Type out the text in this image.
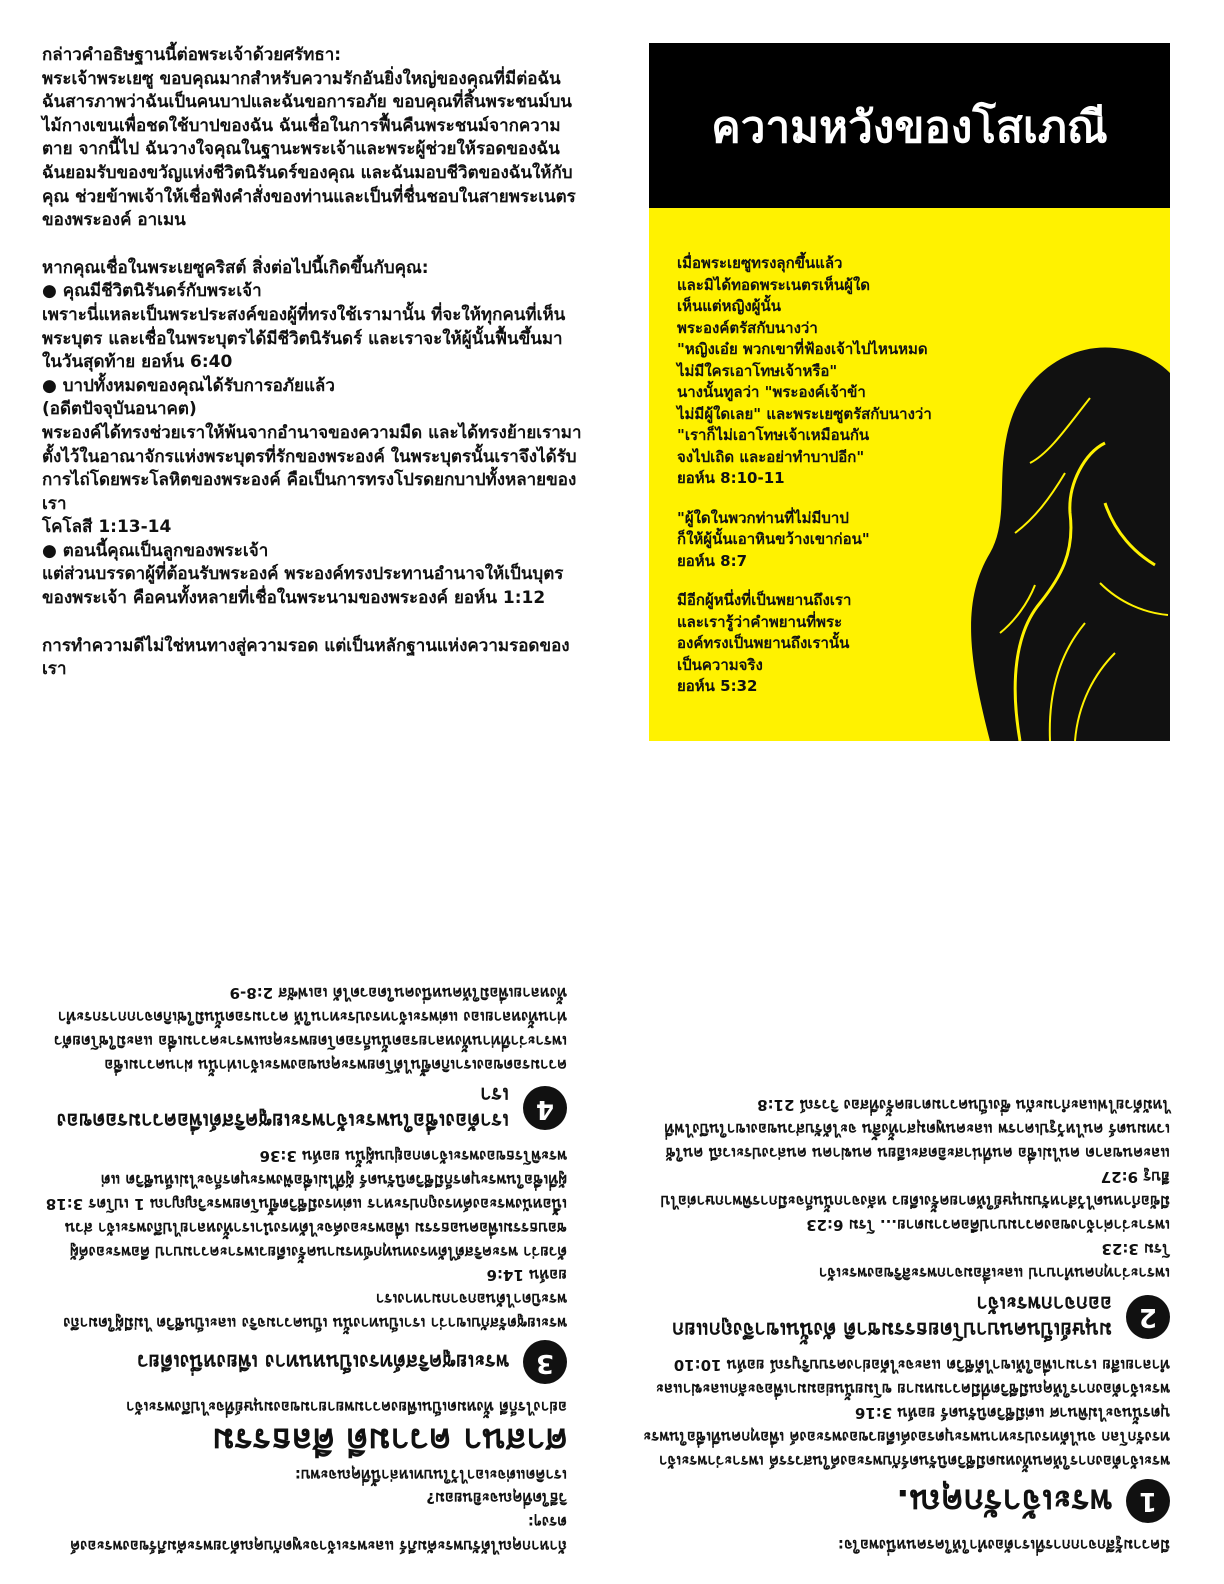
กล่าวคำอธิษฐานนี้ต่อพระเจ้าด้วยศรัทธา:

พระเจ้าพระเยซู ขอบคุณมากสำหรับความรักอันยิ่งใหญ่ของคุณที่มีต่อฉัน ฉันสารภาพว่าฉันเป็นคนบาปและฉันขอการอภัย ขอบคุณที่สิ้นพระชนม์บนไม้กางเขนเพื่อชดใช้บาปของฉัน ฉันเชื่อในการฟื้นคืนพระชนม์จากความตาย จากนี้ไป ฉันวางใจคุณในฐานะพระเจ้าและพระผู้ช่วยให้รอดของฉัน ฉันยอมรับของขวัญแห่งชีวิตนิรันดร์ของคุณ และฉันมอบชีวิตของฉันให้กับคุณ ช่วยข้าพเจ้าให้เชื่อฟังคำสั่งของท่านและเป็นที่ชื่นชอบในสายพระเนตรของพระองค์ อาเมน

หากคุณเชื่อในพระเยซูคริสต์ สิ่งต่อไปนี้เกิดขึ้นกับคุณ:

● คุณมีชีวิตนิรันดร์กับพระเจ้า

เพราะนี่แหละเป็นพระประสงค์ของผู้ที่ทรงใช้เรามานั้น ที่จะให้ทุกคนที่เห็นพระบุตร และเชื่อในพระบุตรได้มีชีวิตนิรันดร์ และเราจะให้ผู้นั้นฟื้นขึ้นมาในวันสุดท้าย ยอห์น 6:40

● บาปทั้งหมดของคุณได้รับการอภัยแล้ว
(อดีตปัจจุบันอนาคต)

พระองค์ได้ทรงช่วยเราให้พ้นจากอำนาจของความมืด และได้ทรงย้ายเรามาตั้งไว้ในอาณาจักรแห่งพระบุตรที่รักของพระองค์ ในพระบุตรนั้นเราจึงได้รับการไถ่โดยพระโลหิตของพระองค์ คือเป็นการทรงโปรดยกบาปทั้งหลายของเรา
โคโลสี 1:13-14

● ตอนนี้คุณเป็นลูกของพระเจ้า

แต่ส่วนบรรดาผู้ที่ต้อนรับพระองค์ พระองค์ทรงประทานอำนาจให้เป็นบุตรของพระเจ้า คือคนทั้งหลายที่เชื่อในพระนามของพระองค์ ยอห์น 1:12

การทำความดีไม่ใช่หนทางสู่ความรอด แต่เป็นหลักฐานแห่งความรอดของเรา

ความหวังของโสเภณี

เมื่อพระเยซูทรงลุกขึ้นแล้ว
และมิได้ทอดพระเนตรเห็นผู้ใด
เห็นแต่หญิงผู้นั้น
พระองค์ตรัสกับนางว่า
"หญิงเอ๋ย พวกเขาที่ฟ้องเจ้าไปไหนหมด
ไม่มีใครเอาโทษเจ้าหรือ"
นางนั้นทูลว่า "พระองค์เจ้าข้า
ไม่มีผู้ใดเลย" และพระเยซูตรัสกับนางว่า
"เราก็ไม่เอาโทษเจ้าเหมือนกัน
จงไปเถิด และอย่าทำบาปอีก"
ยอห์น 8:10-11

"ผู้ใดในพวกท่านที่ไม่มีบาป
ก็ให้ผู้นั้นเอาหินขว้างเขาก่อน"
ยอห์น 8:7

มีอีกผู้หนึ่งที่เป็นพยานถึงเรา
และเรารู้ว่าคำพยานที่พระ
องค์ทรงเป็นพยานถึงเรานั้น
เป็นความจริง
ยอห์น 5:32

ถ้าหากคุณได้รับพระคัมภีร์ และพระเจ้าจะพูดกับคุณด้วยพระคัมภีร์ของพระองค์ตรงๆ:
วิธีใดที่คุณจะยินยอม?
เราคิดแต่จะเอาไว้ในบทเหล่านี้ที่คุณจะพบ:

ศาสนา ความดี ศีลธรรม

อย่างไรก็ดี ทั้งหมดเป็นเพียงความพยายามของมนุษย์ที่จะไปถึงพระเจ้า

3
พระเยซูคริสต์ทรงเป็นหนทาง เพียงหนึ่งเดียว

พระเยซูตรัสกับเขาว่า เราเป็นทางนั้น เป็นความจริง และเป็นชีวิต ไม่มีผู้ใดมาถึงพระบิดาได้นอกจากมาทางเรา
ยอห์น 14:6
ด้วยว่า พระคริสต์ได้ทรงทนทุกข์ทรมานครั้งเดียวเพราะความบาป คือพระองค์ผู้ชอบธรรมเพื่อคนอธรรม เพื่อพระองค์จะได้ทรงนำเราทั้งหลายไปถึงพระเจ้า ส่วนเนื้อหนังพระองค์ทรงถูกประหาร แต่ทรงมีชีวิตขึ้นโดยพระวิญญาณ 1 เปโตร 3:18
ผู้ที่เชื่อในพระบุตรก็มีชีวิตนิรันดร์ ผู้ที่ไม่เชื่อฟังพระบุตรก็จะไม่เห็นชีวิต แต่พระพิโรธของพระเจ้าตกอยู่บนผู้นั้น ยอห์น 3:36

4
เราต้องเชื่อในพระเจ้าพระเยซูคริสต์เพื่อความรอดของเรา

ความรอดของเราเกิดขึ้นได้โดยพระคุณของพระเจ้าเท่านั้น ผ่านความเชื่อ
เพราะว่าที่ท่านทั้งหลายรอดนั้นก็รอดโดยพระคุณเพราะความเชื่อ และมิใช่โดยตัวท่านทั้งหลายเอง แต่พระเจ้าทรงประทานให้ ความรอดนั้นมิใช่เกิดจากการกระทำทั้งหลายเพื่อมิให้คนหนึ่งคนใดอวดได้ เอเฟซัส 2:8-9

มีความรู้สึกจากการที่เราต้องทำให้ใครคนหนึ่งพอใจ:

1
พระเจ้ารักคุณ.

พระเจ้าต้องการให้คนทั้งหมดมีชีวิตนิรันดร์กับพระองค์ในสวรรค์ เพราะว่าพระเจ้าทรงรักโลก จนได้ทรงประทานพระบุตรองค์เดียวของพระองค์ เพื่อทุกคนที่เชื่อในพระบุตรนั้นจะไม่พินาศ แต่มีชีวิตนิรันดร์ ยอห์น 3:16
พระเจ้าต้องการให้คุณมีชีวิตที่มีความหมาย ขโมยนั้นย่อมมาเพื่อจะลักและฆ่าและทำลายเสีย เรามาเพื่อให้เขาได้ชีวิต และจะได้อย่างครบบริบูรณ์ ยอห์น 10:10

2
มนุษย์เป็นคนบาปโดยธรรมชาติ ดังนั้นเขาจึงถูกแยกออกจากพระเจ้า

เพราะว่าทุกคนทำบาป และเสื่อมจากพระสิริของพระเจ้า
โรม 3:23
เพราะว่าค่าจ้างของความบาปคือความตาย... โรม 6:23
มีข้อกำหนดไว้สำหรับมนุษย์ให้ตายครั้งเดียว หลังจากนั้นก็จะมีการพิพากษาต่อไป ฮีบรู 9:27
และคนขลาด คนไม่เชื่อ คนที่น่าสะอิดสะเอียน คนฆ่าคน คนล่วงประเวณี คนใช้เวทมนตร์ คนไหว้รูปเคารพ และคนพูดมุสาทั้งสิ้น จะได้รับส่วนของเขาในบึงไฟที่ไหม้ด้วยไฟและกำมะถัน ซึ่งเป็นความตายครั้งที่สอง วิวรณ์ 21:8
